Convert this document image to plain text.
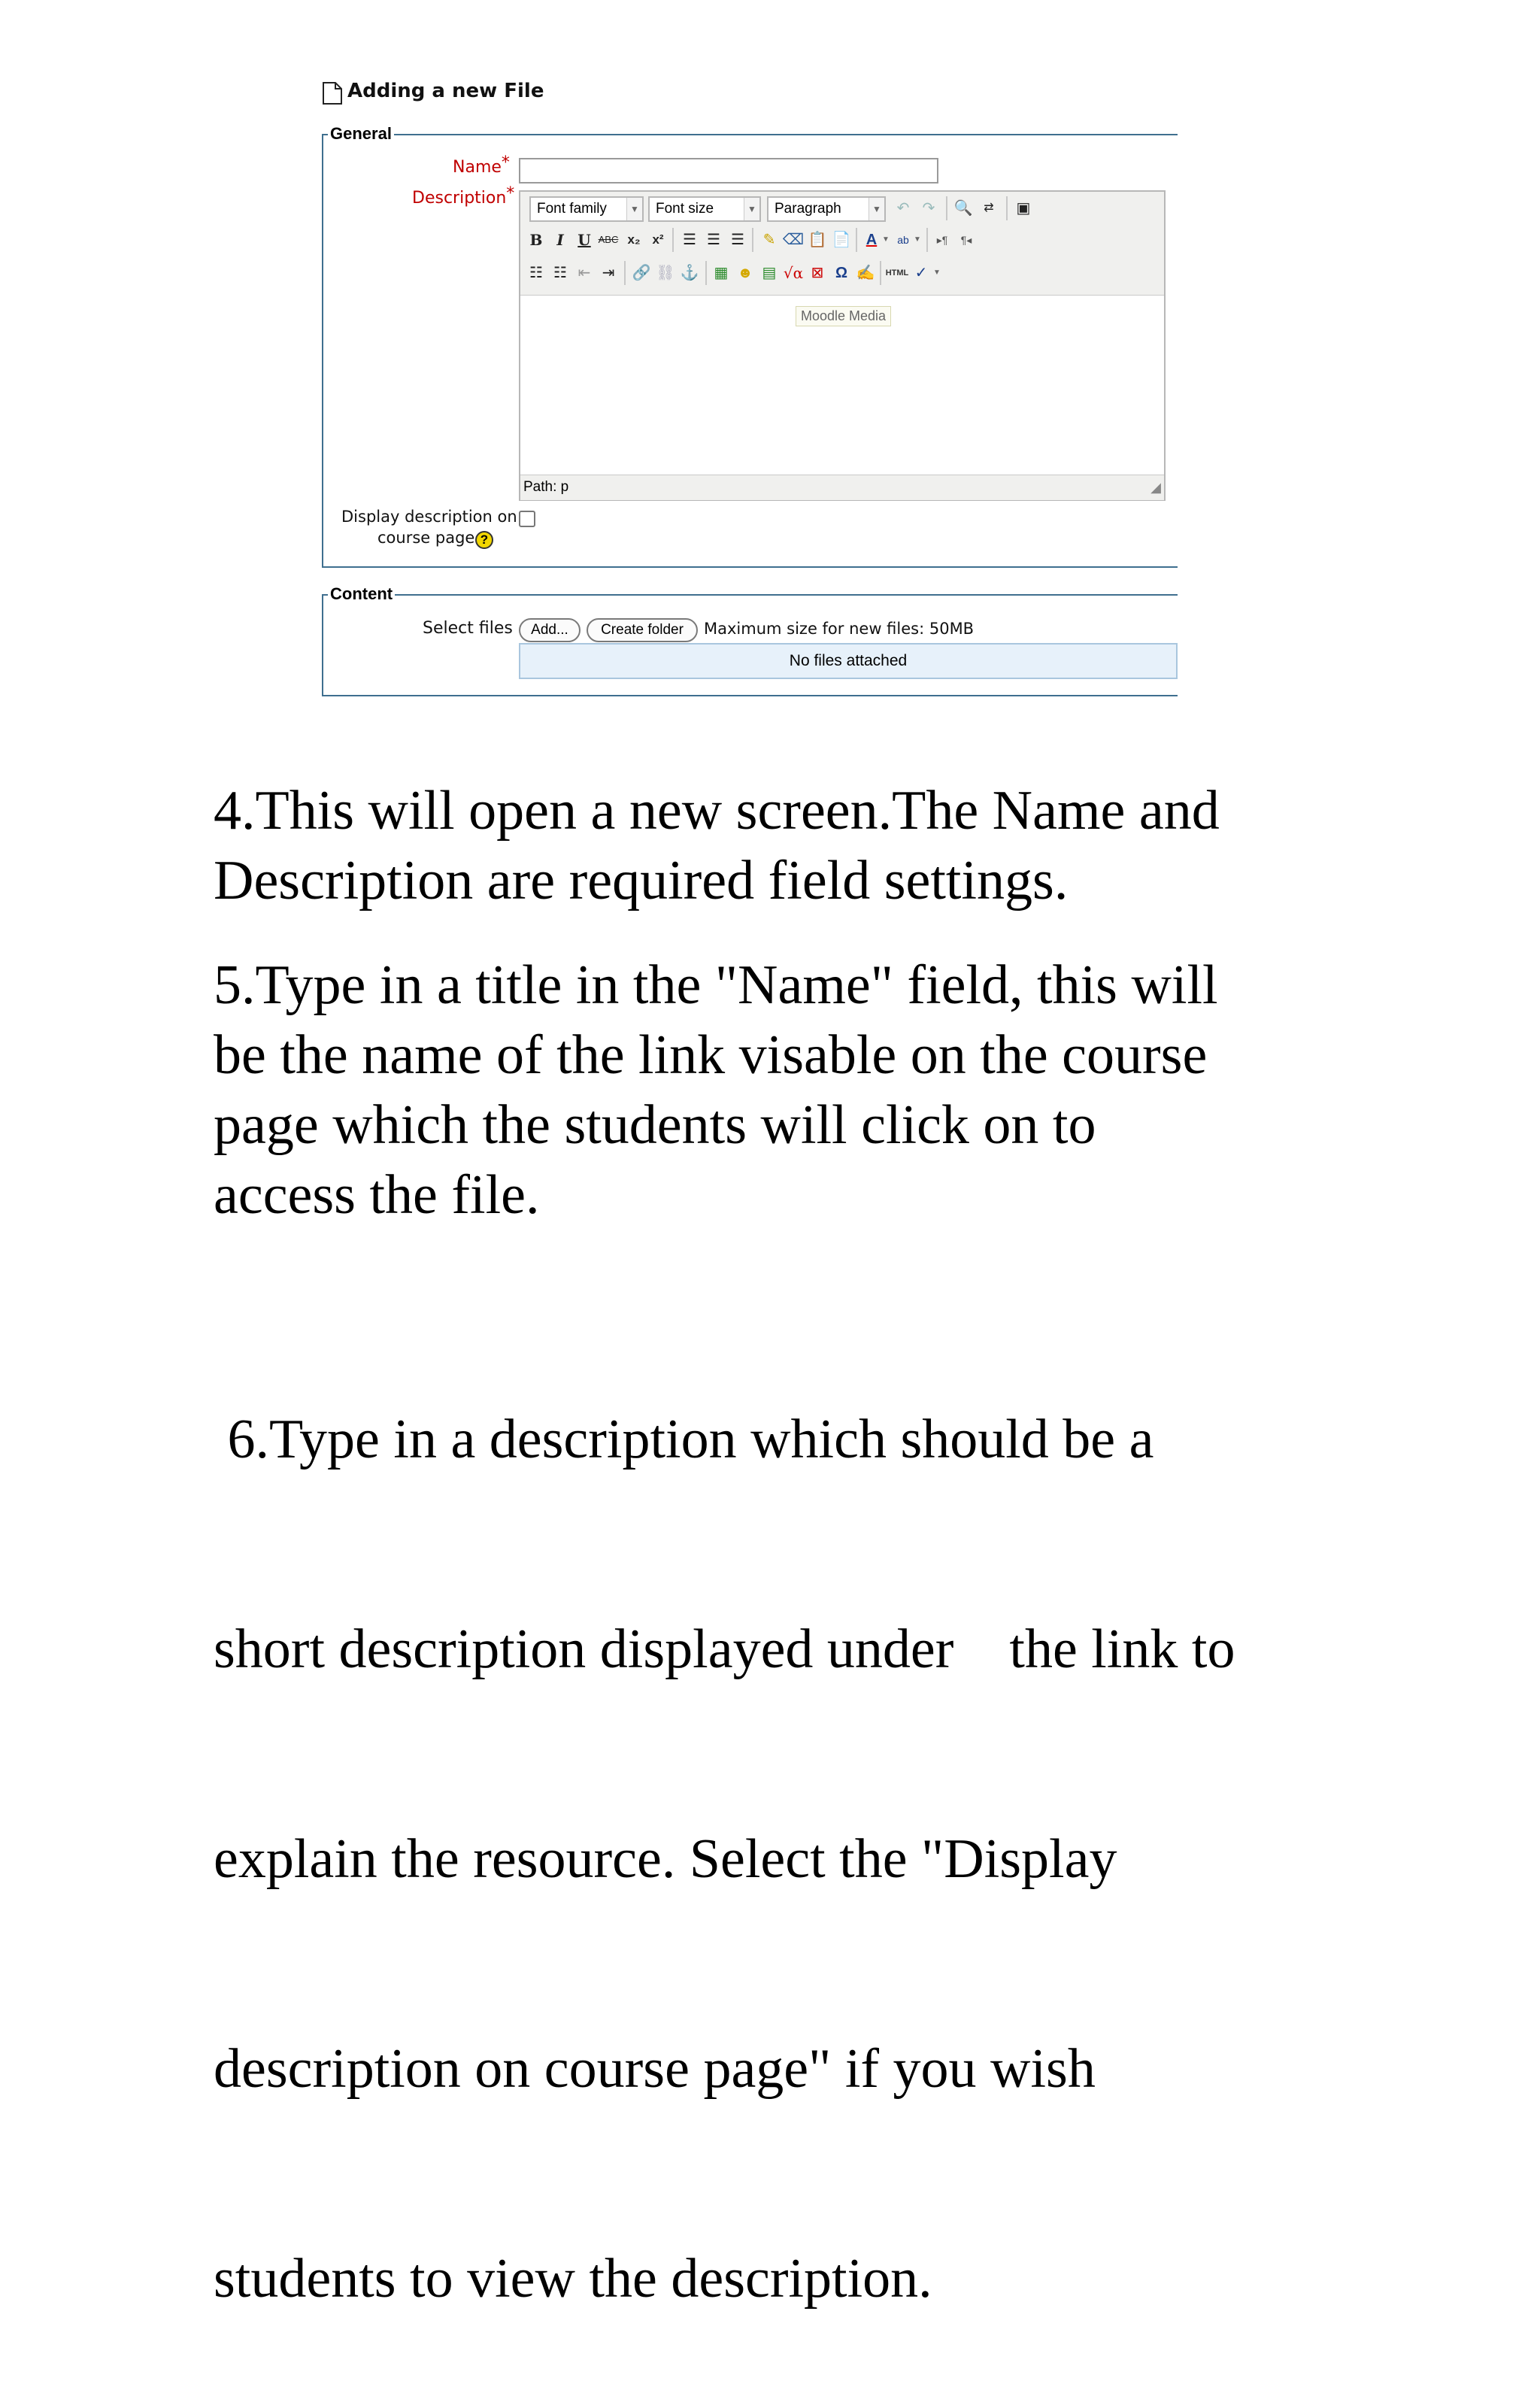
Adding a new File
General
Name*
Description*
Font family	▼	Font size	▼	Paragraph	▼	↶ ↷	🔍 ⇄	▣
B I U ABC x₂ x²	☰ ☰ ☰	✎ ⌫ 📋 📄	A ▼ ab ▼	▸¶	¶◂
☷ ☷ ⇤ ⇥	🔗 ⛓ ⚓ ▦ ☻ ▤ √α ⊠ Ω ✍ HTML ✓ ▼
Moodle Media
Path: p	◢
Display description on
course page ?
Content
Select files	Add...	Create folder	Maximum size for new files: 50MB
No files attached
4.This will open a new screen.The Name and
Description are required field settings.
5.Type in a title in the "Name" field, this will
be the name of the link visable on the course
page which the students will click on to
access the file.

6.Type in a description which should be a

short description displayed under    the link to

explain the resource. Select the "Display

description on course page" if you wish

students to view the description.
